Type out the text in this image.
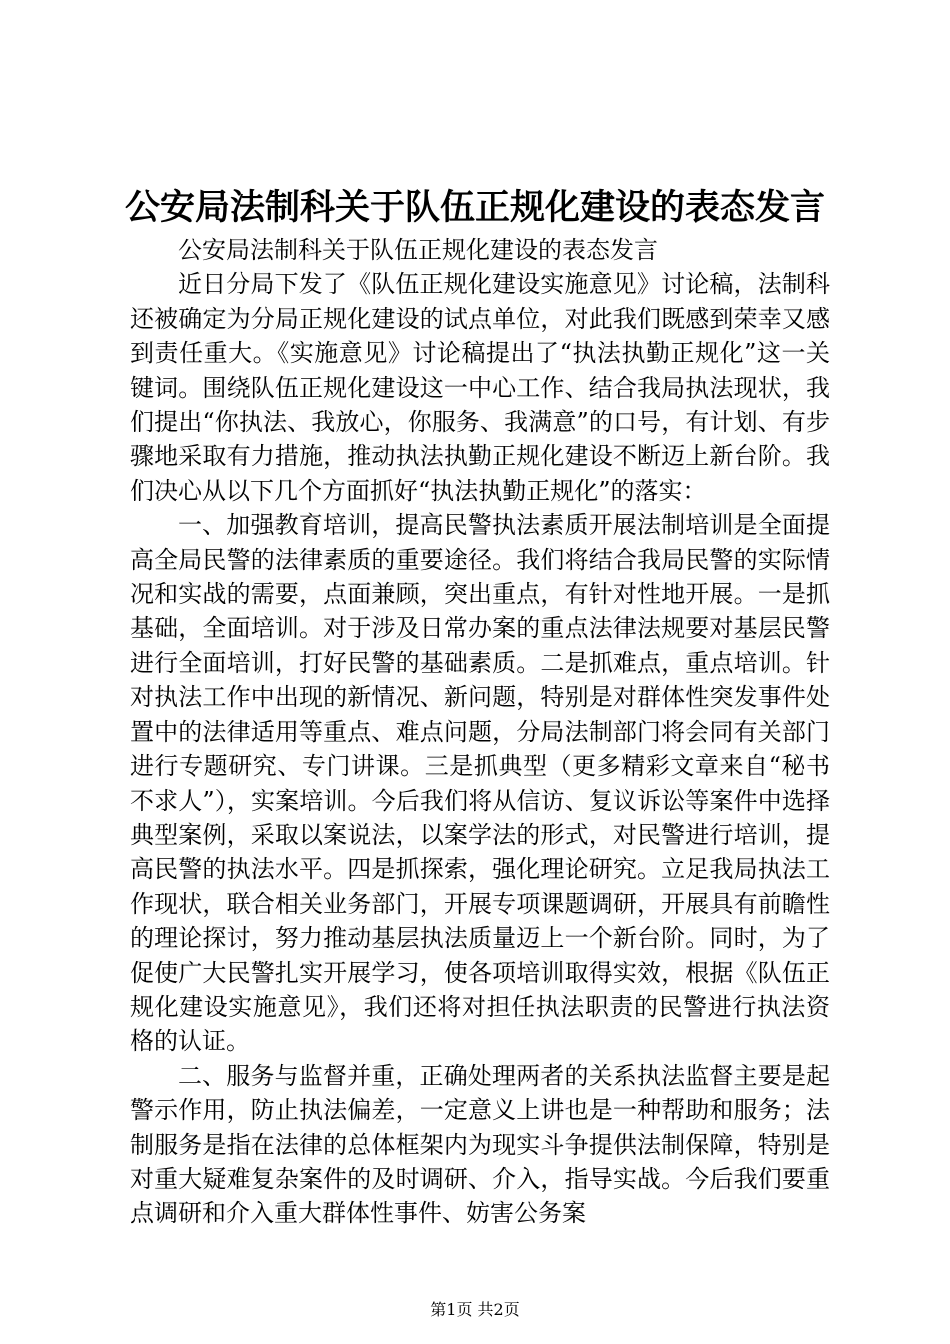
公安局法制科关于队伍正规化建设的表态发言

公安局法制科关于队伍正规化建设的表态发言

近日分局下发了《队伍正规化建设实施意见》讨论稿，法制科还被确定为分局正规化建设的试点单位，对此我们既感到荣幸又感到责任重大。《实施意见》讨论稿提出了“执法执勤正规化”这一关键词。围绕队伍正规化建设这一中心工作、结合我局执法现状，我们提出“你执法、我放心，你服务、我满意”的口号，有计划、有步骤地采取有力措施，推动执法执勤正规化建设不断迈上新台阶。我们决心从以下几个方面抓好“执法执勤正规化”的落实：

一、加强教育培训，提高民警执法素质开展法制培训是全面提高全局民警的法律素质的重要途径。我们将结合我局民警的实际情况和实战的需要，点面兼顾，突出重点，有针对性地开展。一是抓基础，全面培训。对于涉及日常办案的重点法律法规要对基层民警进行全面培训，打好民警的基础素质。二是抓难点，重点培训。针对执法工作中出现的新情况、新问题，特别是对群体性突发事件处置中的法律适用等重点、难点问题，分局法制部门将会同有关部门进行专题研究、专门讲课。三是抓典型（更多精彩文章来自“秘书不求人”），实案培训。今后我们将从信访、复议诉讼等案件中选择典型案例，采取以案说法，以案学法的形式，对民警进行培训，提高民警的执法水平。四是抓探索，强化理论研究。立足我局执法工作现状，联合相关业务部门，开展专项课题调研，开展具有前瞻性的理论探讨，努力推动基层执法质量迈上一个新台阶。同时，为了促使广大民警扎实开展学习，使各项培训取得实效，根据《队伍正规化建设实施意见》，我们还将对担任执法职责的民警进行执法资格的认证。

二、服务与监督并重，正确处理两者的关系执法监督主要是起警示作用，防止执法偏差，一定意义上讲也是一种帮助和服务；法制服务是指在法律的总体框架内为现实斗争提供法制保障，特别是对重大疑难复杂案件的及时调研、介入，指导实战。今后我们要重点调研和介入重大群体性事件、妨害公务案

第1页 共2页
